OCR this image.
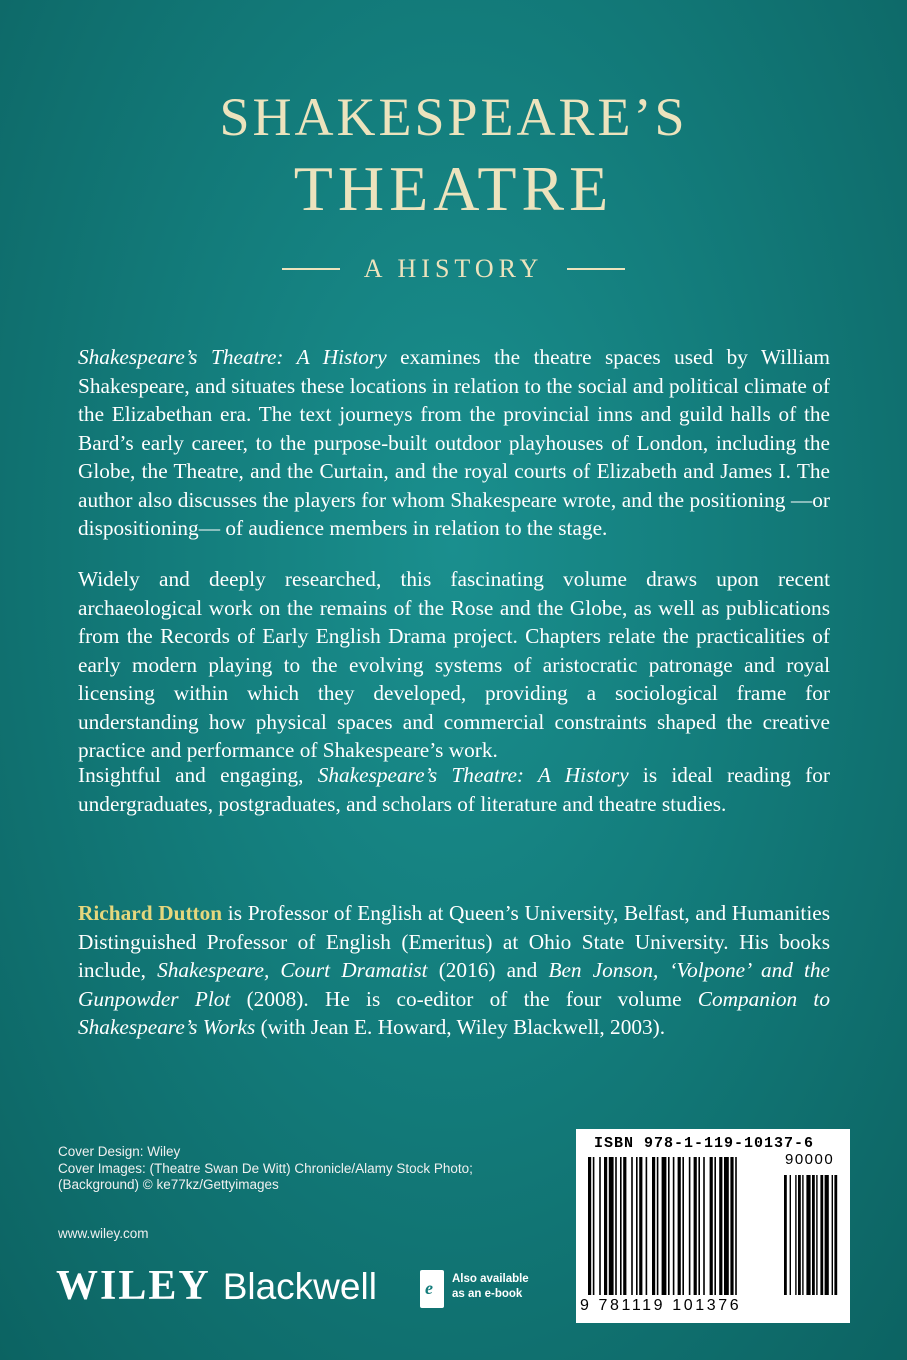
SHAKESPEARE’S
THEATRE
A HISTORY

Shakespeare’s Theatre: A History examines the theatre spaces used by William Shakespeare, and situates these locations in relation to the social and political climate of the Elizabethan era. The text journeys from the provincial inns and guild halls of the Bard’s early career, to the purpose-built outdoor playhouses of London, including the Globe, the Theatre, and the Curtain, and the royal courts of Elizabeth and James I. The author also discusses the players for whom Shakespeare wrote, and the positioning —or dispositioning— of audience members in relation to the stage.

Widely and deeply researched, this fascinating volume draws upon recent archaeological work on the remains of the Rose and the Globe, as well as publications from the Records of Early English Drama project. Chapters relate the practicalities of early modern playing to the evolving systems of aristocratic patronage and royal licensing within which they developed, providing a sociological frame for understanding how physical spaces and commercial constraints shaped the creative practice and performance of Shakespeare’s work.

Insightful and engaging, Shakespeare’s Theatre: A History is ideal reading for undergraduates, postgraduates, and scholars of literature and theatre studies.

Richard Dutton is Professor of English at Queen’s University, Belfast, and Humanities Distinguished Professor of English (Emeritus) at Ohio State University. His books include, Shakespeare, Court Dramatist (2016) and Ben Jonson, ‘Volpone’ and the Gunpowder Plot (2008). He is co-editor of the four volume Companion to Shakespeare’s Works (with Jean E. Howard, Wiley Blackwell, 2003).

Cover Design: Wiley
Cover Images: (Theatre Swan De Witt) Chronicle/Alamy Stock Photo;
(Background) © ke77kz/Gettyimages
www.wiley.com
WILEY Blackwell	e	Also available
as an e-book
ISBN 978-1-119-10137-6
90000
9 781119 101376
